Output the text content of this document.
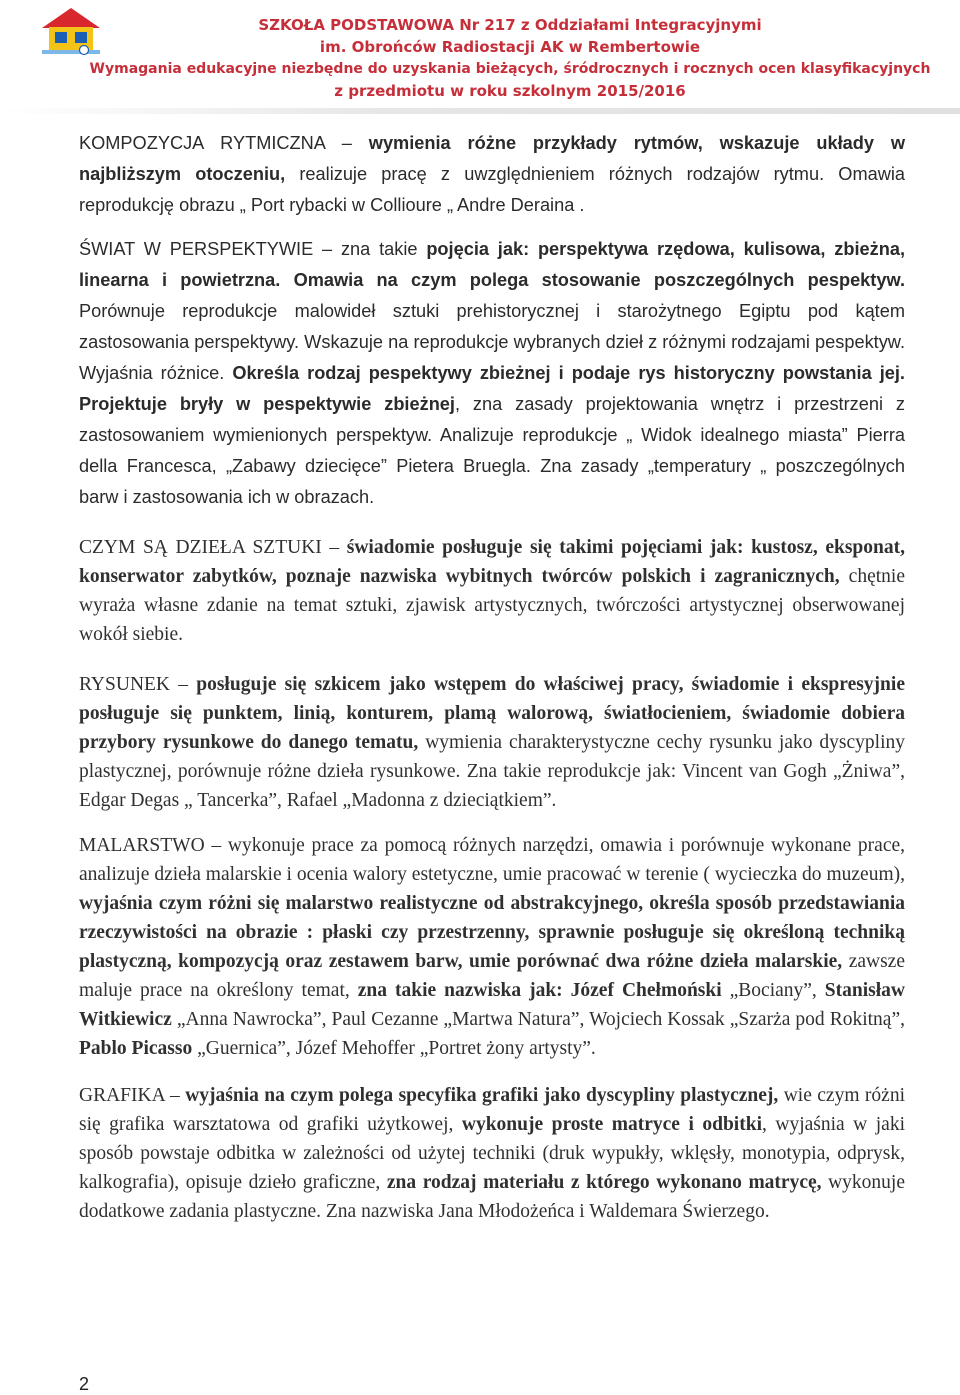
SZKOŁA PODSTAWOWA Nr 217 z Oddziałami Integracyjnymi
im. Obrońców Radiostacji AK w Rembertowie
Wymagania edukacyjne niezbędne do uzyskania bieżących, śródrocznych i rocznych ocen klasyfikacyjnych
z przedmiotu w roku szkolnym 2015/2016

KOMPOZYCJA RYTMICZNA – wymienia różne przykłady rytmów, wskazuje układy w najbliższym otoczeniu, realizuje pracę z uwzględnieniem różnych rodzajów rytmu. Omawia reprodukcję obrazu „ Port rybacki w Collioure „ Andre Deraina .

ŚWIAT W PERSPEKTYWIE – zna takie pojęcia jak: perspektywa rzędowa, kulisowa, zbieżna, linearna i powietrzna. Omawia na czym polega stosowanie poszczególnych pespektyw. Porównuje reprodukcje malowideł sztuki prehistorycznej i starożytnego Egiptu pod kątem zastosowania perspektywy. Wskazuje na reprodukcje wybranych dzieł z różnymi rodzajami pespektyw. Wyjaśnia różnice. Określa rodzaj pespektywy zbieżnej i podaje rys historyczny powstania jej. Projektuje bryły w pespektywie zbieżnej, zna zasady projektowania wnętrz i przestrzeni z zastosowaniem wymienionych perspektyw. Analizuje reprodukcje „ Widok idealnego miasta” Pierra della Francesca, „Zabawy dziecięce” Pietera Bruegla. Zna zasady „temperatury „ poszczególnych barw i zastosowania ich w obrazach.

CZYM SĄ DZIEŁA SZTUKI – świadomie posługuje się takimi pojęciami jak: kustosz, eksponat, konserwator zabytków, poznaje nazwiska wybitnych twórców polskich i zagranicznych, chętnie wyraża własne zdanie na temat sztuki, zjawisk artystycznych, twórczości artystycznej obserwowanej wokół siebie.

RYSUNEK – posługuje się szkicem jako wstępem do właściwej pracy, świadomie i ekspresyjnie posługuje się punktem, linią, konturem, plamą walorową, światłocieniem, świadomie dobiera przybory rysunkowe do danego tematu, wymienia charakterystyczne cechy rysunku jako dyscypliny plastycznej, porównuje różne dzieła rysunkowe. Zna takie reprodukcje jak: Vincent van Gogh „Żniwa”, Edgar Degas „ Tancerka”, Rafael „Madonna z dzieciątkiem”.

MALARSTWO – wykonuje prace za pomocą różnych narzędzi, omawia i porównuje wykonane prace, analizuje dzieła malarskie i ocenia walory estetyczne, umie pracować w terenie ( wycieczka do muzeum), wyjaśnia czym różni się malarstwo realistyczne od abstrakcyjnego, określa sposób przedstawiania rzeczywistości na obrazie : płaski czy przestrzenny, sprawnie posługuje się określoną techniką plastyczną, kompozycją oraz zestawem barw, umie porównać dwa różne dzieła malarskie, zawsze maluje prace na określony temat, zna takie nazwiska jak: Józef Chełmoński „Bociany”, Stanisław Witkiewicz „Anna Nawrocka”, Paul Cezanne „Martwa Natura”, Wojciech Kossak „Szarża pod Rokitną”, Pablo Picasso „Guernica”, Józef Mehoffer „Portret żony artysty”.

GRAFIKA – wyjaśnia na czym polega specyfika grafiki jako dyscypliny plastycznej, wie czym różni się grafika warsztatowa od grafiki użytkowej, wykonuje proste matryce i odbitki, wyjaśnia w jaki sposób powstaje odbitka w zależności od użytej techniki (druk wypukły, wklęsły, monotypia, odprysk, kalkografia), opisuje dzieło graficzne, zna rodzaj materiału z którego wykonano matrycę, wykonuje dodatkowe zadania plastyczne. Zna nazwiska Jana Młodożeńca i Waldemara Świerzego.

2
